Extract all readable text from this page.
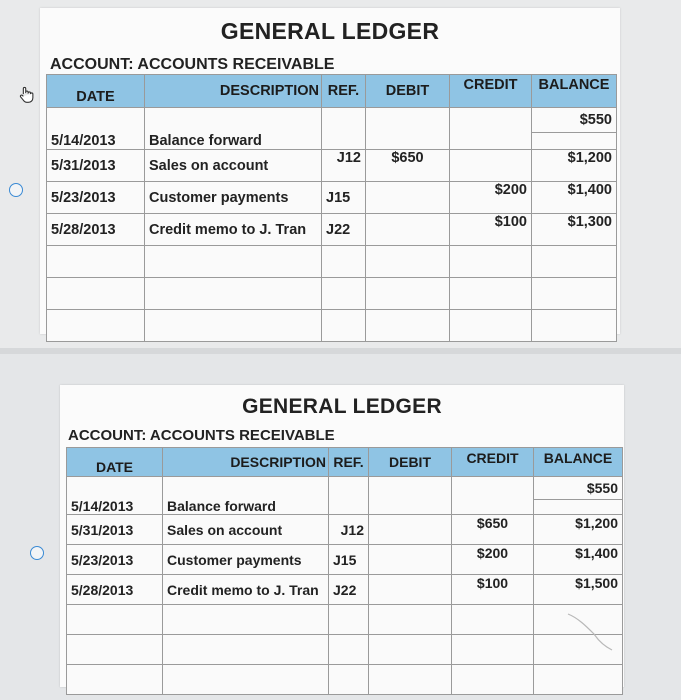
GENERAL LEDGER
ACCOUNT: ACCOUNTS RECEIVABLE
DATE	DESCRIPTION	REF.	DEBIT	CREDIT	BALANCE
5/14/2013	Balance forward				$550

5/31/2013	Sales on account	J12	$650		$1,200
5/23/2013	Customer payments	J15		$200	$1,400
5/28/2013	Credit memo to J. Tran	J22		$100	$1,300

GENERAL LEDGER
ACCOUNT: ACCOUNTS RECEIVABLE
DATE	DESCRIPTION	REF.	DEBIT	CREDIT	BALANCE
5/14/2013	Balance forward				$550

5/31/2013	Sales on account	J12		$650	$1,200
5/23/2013	Customer payments	J15		$200	$1,400
5/28/2013	Credit memo to J. Tran	J22		$100	$1,500
